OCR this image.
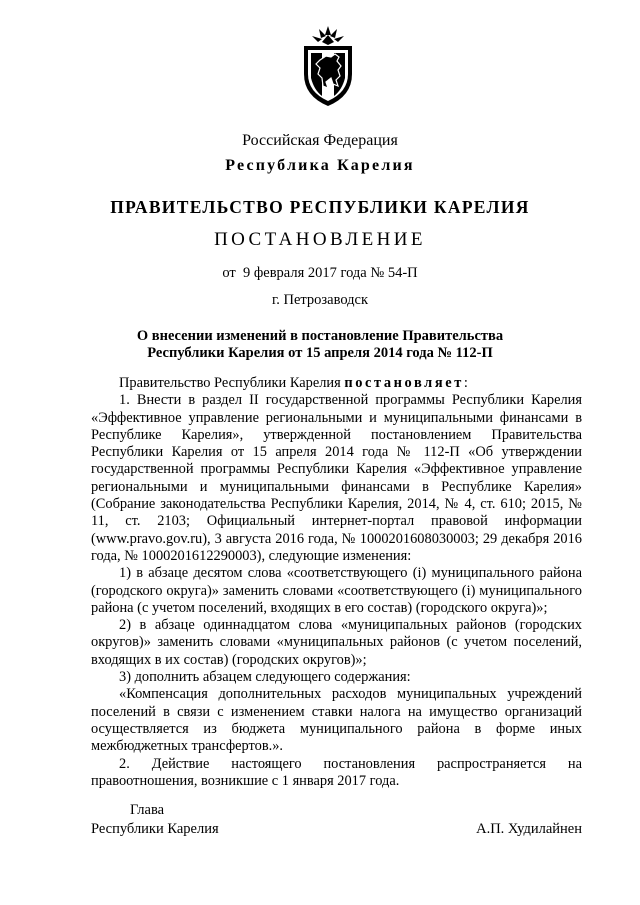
Российская Федерация
Республика Карелия
ПРАВИТЕЛЬСТВО РЕСПУБЛИКИ КАРЕЛИЯ
ПОСТАНОВЛЕНИЕ
от  9 февраля 2017 года № 54-П
г. Петрозаводск
О внесении изменений в постановление Правительства
Республики Карелия от 15 апреля 2014 года № 112-П

Правительство Республики Карелия постановляет:

1. Внести в раздел II государственной программы Республики Карелия «Эффективное управление региональными и муниципальными финансами в Республике Карелия», утвержденной постановлением Правительства Республики Карелия от 15 апреля 2014 года № 112-П «Об утверждении государственной программы Республики Карелия «Эффективное управление региональными и муниципальными финансами в Республике Карелия» (Собрание законодательства Республики Карелия, 2014, № 4, ст. 610; 2015, № 11, ст. 2103; Официальный интернет-портал правовой информации (www.pravo.gov.ru), 3 августа 2016 года, № 1000201608030003; 29 декабря 2016 года, № 1000201612290003), следующие изменения:

1) в абзаце десятом слова «соответствующего (і) муниципального района (городского округа)» заменить словами «соответствующего (і) муниципального района (с учетом поселений, входящих в его состав) (городского округа)»;

2) в абзаце одиннадцатом слова «муниципальных районов (городских округов)» заменить словами «муниципальных районов (с учетом поселений, входящих в их состав) (городских округов)»;

3) дополнить абзацем следующего содержания:

«Компенсация дополнительных расходов муниципальных учреждений поселений в связи с изменением ставки налога на имущество организаций осуществляется из бюджета муниципального района в форме иных межбюджетных трансфертов.».

2. Действие настоящего постановления распространяется на правоотношения, возникшие с 1 января 2017 года.

Глава
Республики Карелия	А.П. Худилайнен
